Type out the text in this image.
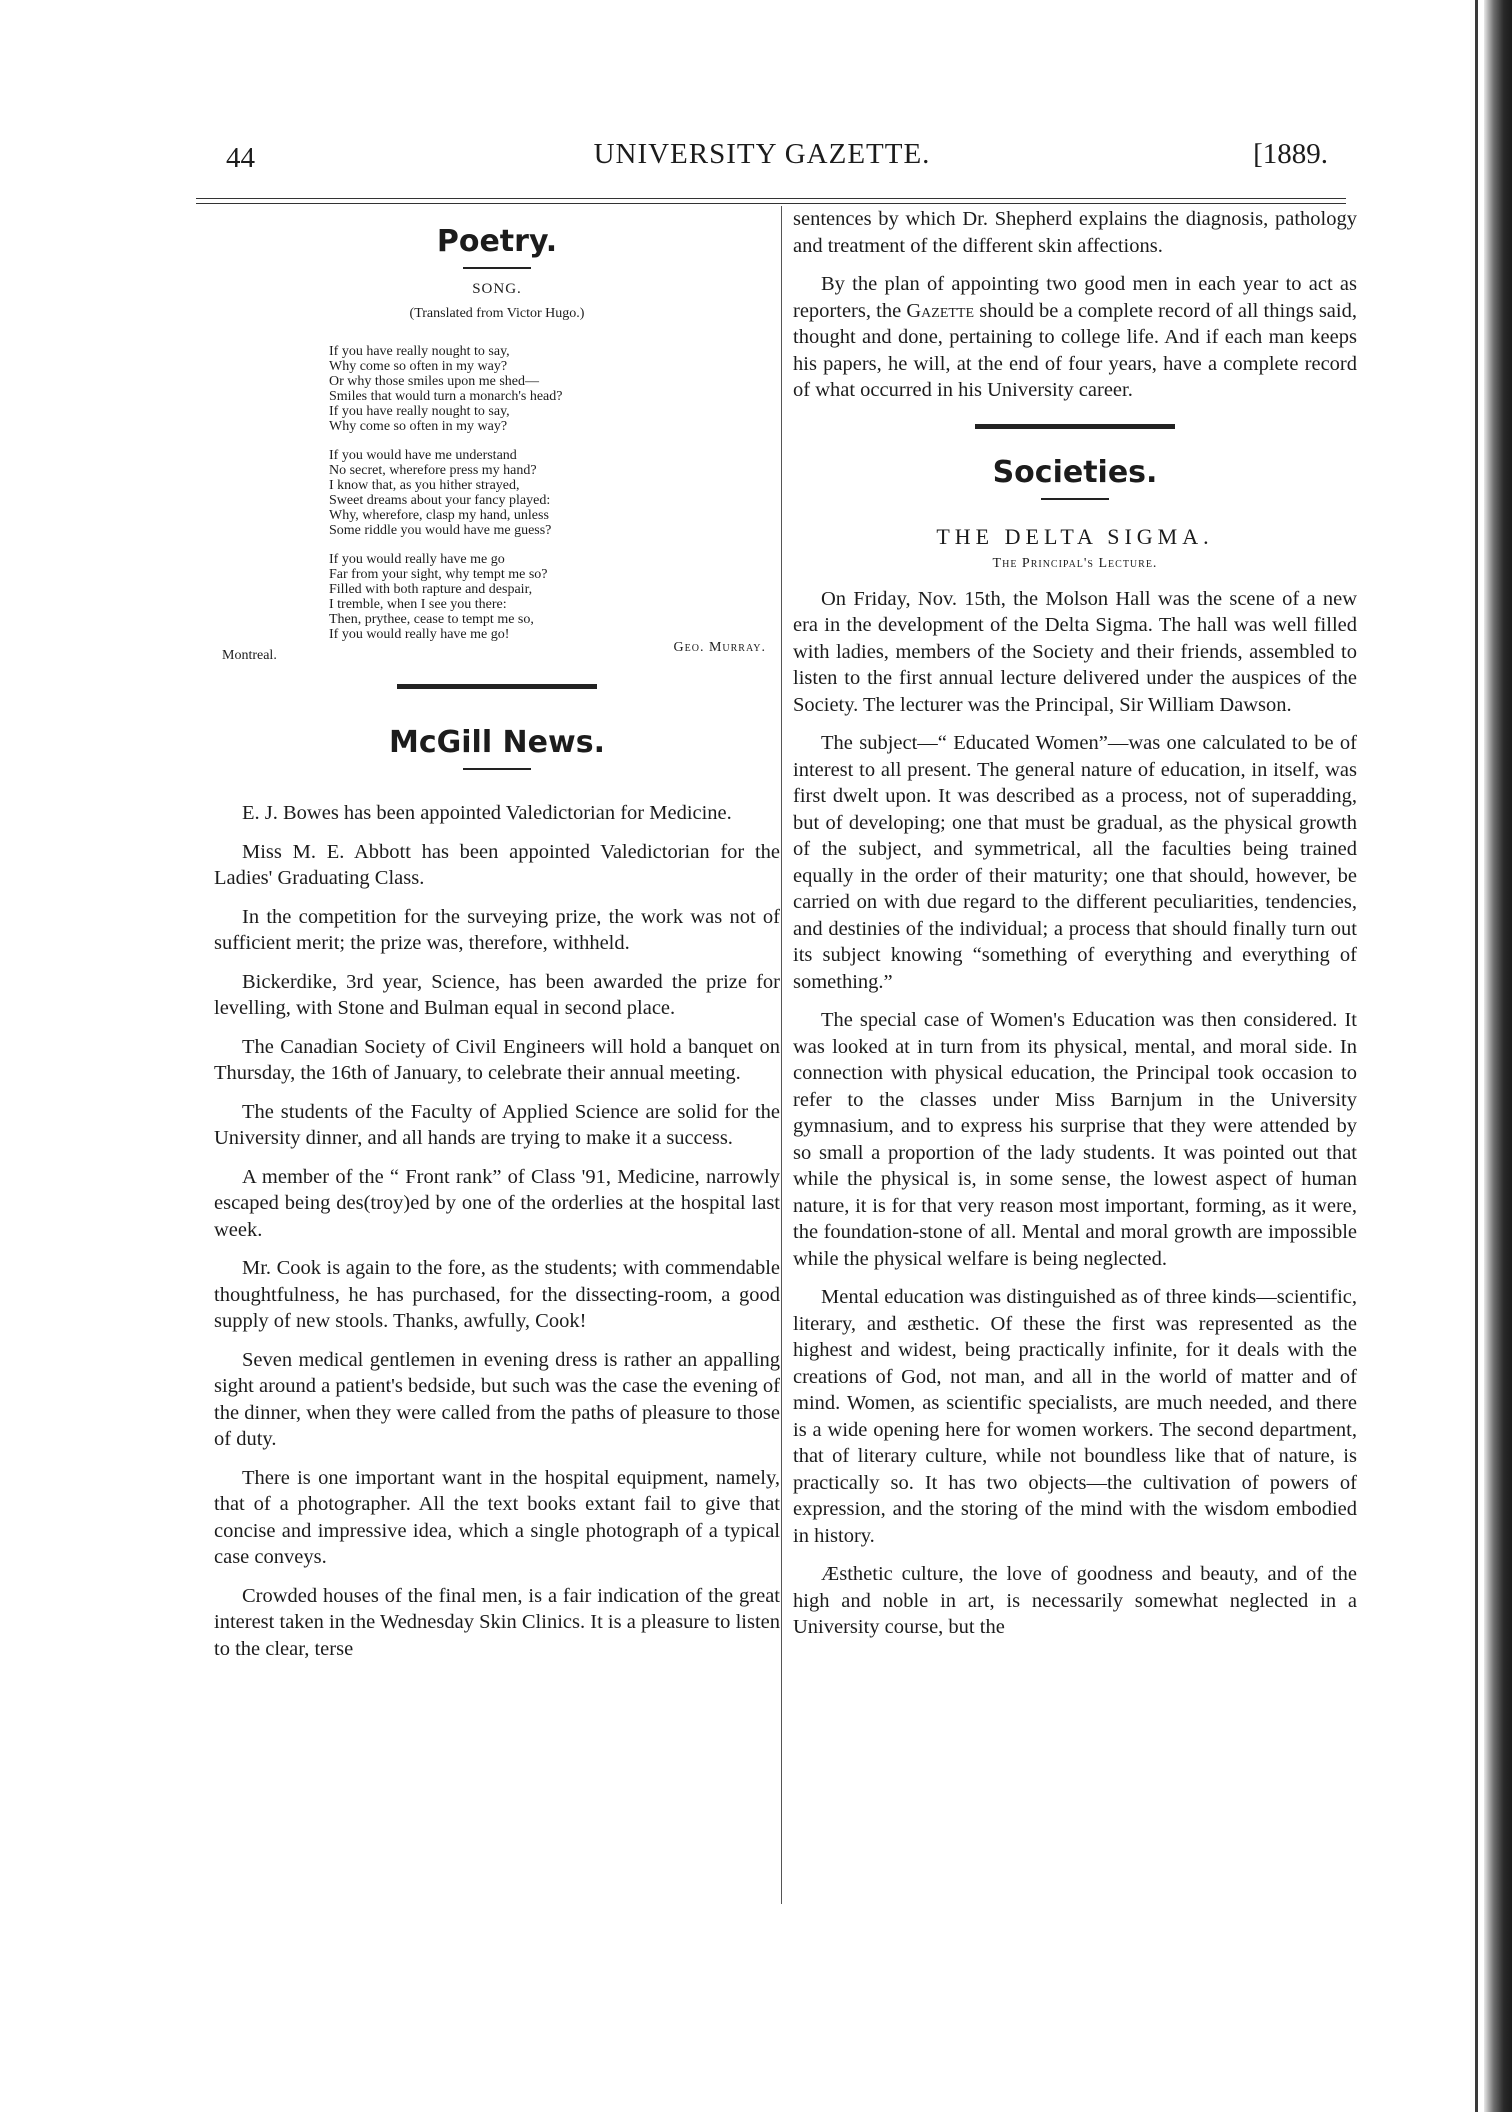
44	UNIVERSITY GAZETTE.	[1889.
Poetry.
SONG.
(Translated from Victor Hugo.)
If you have really nought to say,
Why come so often in my way?
Or why those smiles upon me shed—
Smiles that would turn a monarch's head?
If you have really nought to say,
Why come so often in my way?
If you would have me understand
No secret, wherefore press my hand?
I know that, as you hither strayed,
Sweet dreams about your fancy played:
Why, wherefore, clasp my hand, unless
Some riddle you would have me guess?
If you would really have me go
Far from your sight, why tempt me so?
Filled with both rapture and despair,
I tremble, when I see you there:
Then, prythee, cease to tempt me so,
If you would really have me go!
Montreal.
Geo. Murray.
McGill News.

E. J. Bowes has been appointed Valedictorian for Medicine.

Miss M. E. Abbott has been appointed Valedictorian for the Ladies' Graduating Class.

In the competition for the surveying prize, the work was not of sufficient merit; the prize was, therefore, withheld.

Bickerdike, 3rd year, Science, has been awarded the prize for levelling, with Stone and Bulman equal in second place.

The Canadian Society of Civil Engineers will hold a banquet on Thursday, the 16th of January, to celebrate their annual meeting.

The students of the Faculty of Applied Science are solid for the University dinner, and all hands are trying to make it a success.

A member of the “ Front rank” of Class '91, Medicine, narrowly escaped being des(troy)ed by one of the orderlies at the hospital last week.

Mr. Cook is again to the fore, as the students; with commendable thoughtfulness, he has purchased, for the dissecting-room, a good supply of new stools. Thanks, awfully, Cook!

Seven medical gentlemen in evening dress is rather an appalling sight around a patient's bedside, but such was the case the evening of the dinner, when they were called from the paths of pleasure to those of duty.

There is one important want in the hospital equipment, namely, that of a photographer. All the text books extant fail to give that concise and impressive idea, which a single photograph of a typical case conveys.

Crowded houses of the final men, is a fair indication of the great interest taken in the Wednesday Skin Clinics. It is a pleasure to listen to the clear, terse

sentences by which Dr. Shepherd explains the diagnosis, pathology and treatment of the different skin affections.

By the plan of appointing two good men in each year to act as reporters, the Gazette should be a complete record of all things said, thought and done, pertaining to college life. And if each man keeps his papers, he will, at the end of four years, have a complete record of what occurred in his University career.

Societies.
THE DELTA SIGMA.
The Principal's Lecture.

On Friday, Nov. 15th, the Molson Hall was the scene of a new era in the development of the Delta Sigma. The hall was well filled with ladies, members of the Society and their friends, assembled to listen to the first annual lecture delivered under the auspices of the Society. The lecturer was the Principal, Sir William Dawson.

The subject—“ Educated Women”—was one calculated to be of interest to all present. The general nature of education, in itself, was first dwelt upon. It was described as a process, not of superadding, but of developing; one that must be gradual, as the physical growth of the subject, and symmetrical, all the faculties being trained equally in the order of their maturity; one that should, however, be carried on with due regard to the different peculiarities, tendencies, and destinies of the individual; a process that should finally turn out its subject knowing “something of everything and everything of something.”

The special case of Women's Education was then considered. It was looked at in turn from its physical, mental, and moral side. In connection with physical education, the Principal took occasion to refer to the classes under Miss Barnjum in the University gymnasium, and to express his surprise that they were attended by so small a proportion of the lady students. It was pointed out that while the physical is, in some sense, the lowest aspect of human nature, it is for that very reason most important, forming, as it were, the foundation-stone of all. Mental and moral growth are impossible while the physical welfare is being neglected.

Mental education was distinguished as of three kinds—scientific, literary, and æsthetic. Of these the first was represented as the highest and widest, being practically infinite, for it deals with the creations of God, not man, and all in the world of matter and of mind. Women, as scientific specialists, are much needed, and there is a wide opening here for women workers. The second department, that of literary culture, while not boundless like that of nature, is practically so. It has two objects—the cultivation of powers of expression, and the storing of the mind with the wisdom embodied in history.

Æsthetic culture, the love of goodness and beauty, and of the high and noble in art, is necessarily somewhat neglected in a University course, but the
